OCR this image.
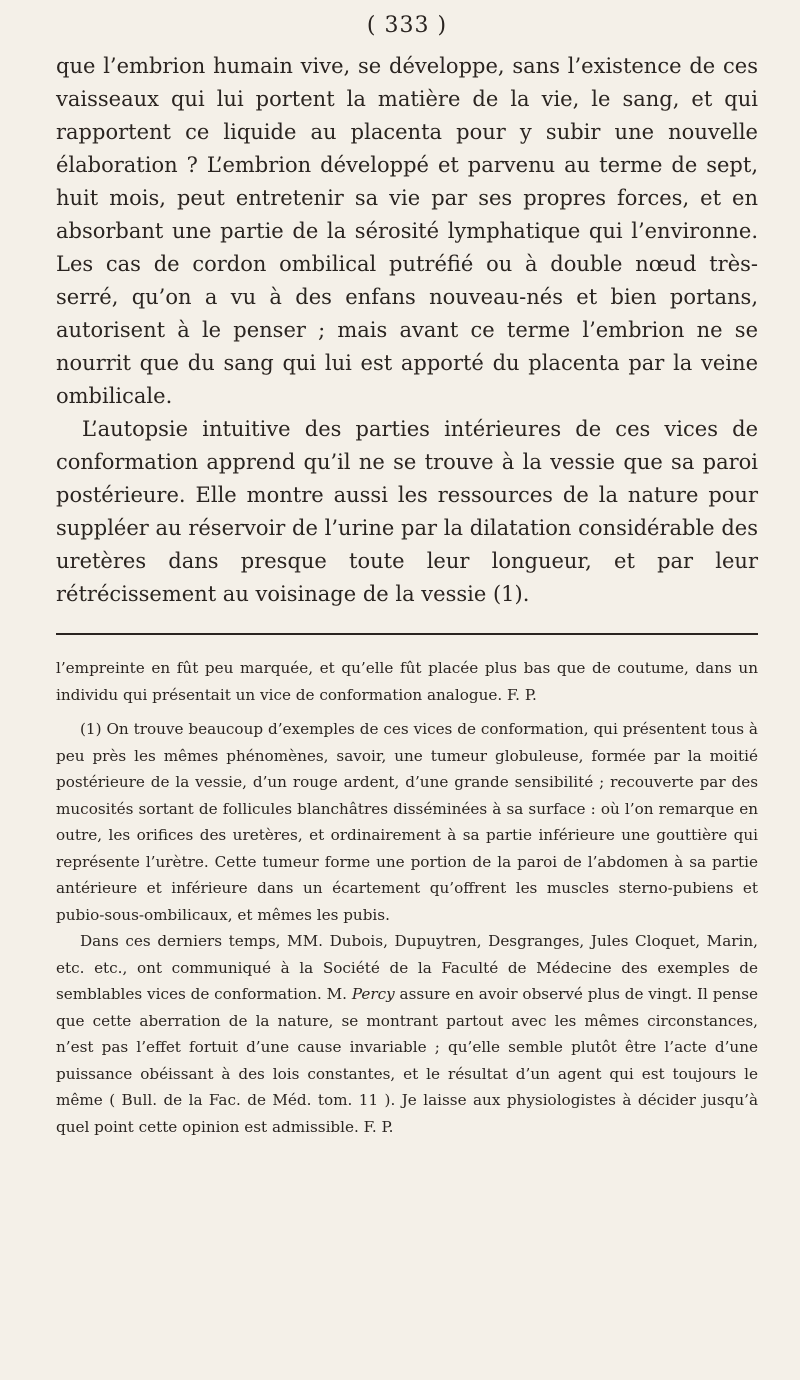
( 333 )

que l’embrion humain vive, se développe, sans l’existence de ces vaisseaux qui lui portent la matière de la vie, le sang, et qui rapportent ce liquide au placenta pour y subir une nouvelle élaboration ? L’embrion développé et parvenu au terme de sept, huit mois, peut entretenir sa vie par ses propres forces, et en absorbant une partie de la sérosité lymphatique qui l’environne. Les cas de cordon ombilical putréfié ou à double nœud très-serré, qu’on a vu à des enfans nouveau-nés et bien portans, autorisent à le penser ; mais avant ce terme l’embrion ne se nourrit que du sang qui lui est apporté du placenta par la veine ombilicale.

L’autopsie intuitive des parties intérieures de ces vices de conformation apprend qu’il ne se trouve à la vessie que sa paroi postérieure. Elle montre aussi les ressources de la nature pour suppléer au réservoir de l’urine par la dilatation considérable des uretères dans presque toute leur longueur, et par leur rétrécissement au voisinage de la vessie (1).

l’empreinte en fût peu marquée, et qu’elle fût placée plus bas que de coutume, dans un individu qui présentait un vice de conformation analogue. F. P.

(1) On trouve beaucoup d’exemples de ces vices de conformation, qui présentent tous à peu près les mêmes phénomènes, savoir, une tumeur globuleuse, formée par la moitié postérieure de la vessie, d’un rouge ardent, d’une grande sensibilité ; recouverte par des mucosités sortant de follicules blanchâtres disséminées à sa surface : où l’on remarque en outre, les orifices des uretères, et ordinairement à sa partie inférieure une gouttière qui représente l’urètre. Cette tumeur forme une portion de la paroi de l’abdomen à sa partie antérieure et inférieure dans un écartement qu’offrent les muscles sterno-pubiens et pubio-sous-ombilicaux, et mêmes les pubis.

Dans ces derniers temps, MM. Dubois, Dupuytren, Desgranges, Jules Cloquet, Marin, etc. etc., ont communiqué à la Société de la Faculté de Médecine des exemples de semblables vices de conformation. M. Percy assure en avoir observé plus de vingt. Il pense que cette aberration de la nature, se montrant partout avec les mêmes circonstances, n’est pas l’effet fortuit d’une cause invariable ; qu’elle semble plutôt être l’acte d’une puissance obéissant à des lois constantes, et le résultat d’un agent qui est toujours le même ( Bull. de la Fac. de Méd. tom. 11 ). Je laisse aux physiologistes à décider jusqu’à quel point cette opinion est admissible. F. P.
